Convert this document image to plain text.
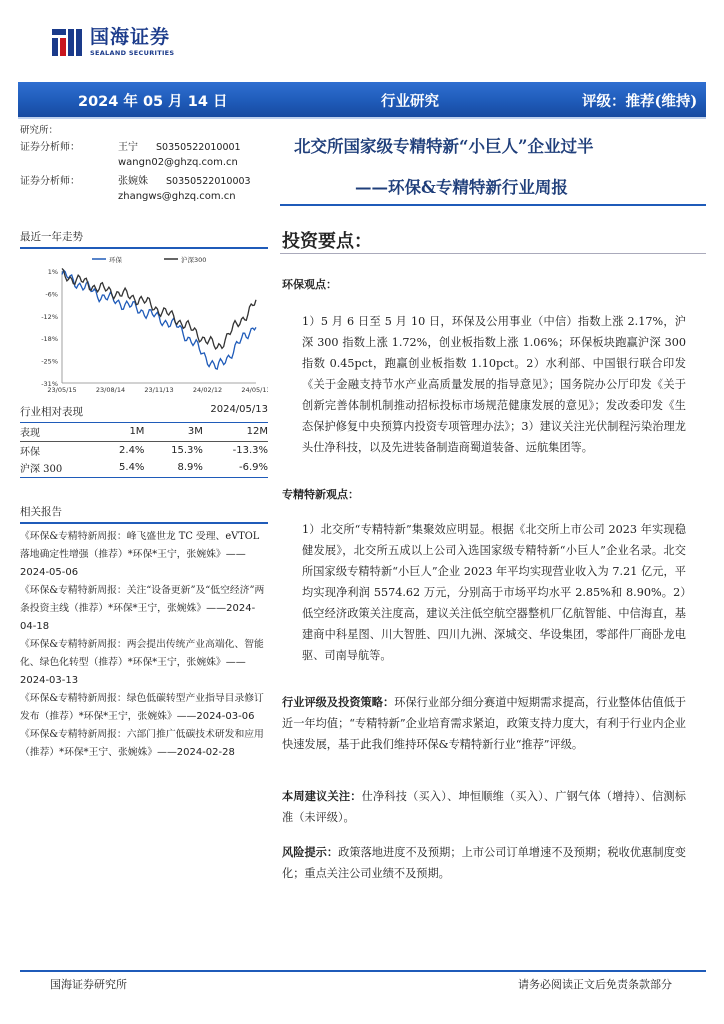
国海证券
SEALAND SECURITIES
2024 年 05 月 14 日	行业研究	评级：推荐(维持)
研究所：
证券分析师：	王宁	S0350522010001
wangn02@ghzq.com.cn
证券分析师：	张婉姝	S0350522010003
zhangws@ghzq.com.cn
最近一年走势
1%
-6%
-12%
-18%
-25%
-31%
23/05/15	23/08/14	23/11/13	24/02/12	24/05/13
环保	沪深300
行业相对表现	2024/05/13
表现	1M	3M	12M
环保	2.4%	15.3%	-13.3%
沪深 300	5.4%	8.9%	-6.9%
相关报告
《环保&专精特新周报：峰飞盛世龙 TC 受理、eVTOL 落地确定性增强（推荐）*环保*王宁，张婉姝》——2024-05-06
《环保&专精特新周报：关注“设备更新”及“低空经济”两条投资主线（推荐）*环保*王宁，张婉姝》——2024-04-18
《环保&专精特新周报：两会提出传统产业高端化、智能化、绿色化转型（推荐）*环保*王宁，张婉姝》——2024-03-13
《环保&专精特新周报：绿色低碳转型产业指导目录修订发布（推荐）*环保*王宁，张婉姝》——2024-03-06
《环保&专精特新周报：六部门推广低碳技术研发和应用（推荐）*环保*王宁、张婉姝》——2024-02-28
北交所国家级专精特新“小巨人”企业过半
——环保&专精特新行业周报
投资要点：
环保观点：
1）5 月 6 日至 5 月 10 日，环保及公用事业（中信）指数上涨 2.17%，沪深 300 指数上涨 1.72%，创业板指数上涨 1.06%；环保板块跑赢沪深 300 指数 0.45pct，跑赢创业板指数 1.10pct。2）水利部、中国银行联合印发《关于金融支持节水产业高质量发展的指导意见》；国务院办公厅印发《关于创新完善体制机制推动招标投标市场规范健康发展的意见》；发改委印发《生态保护修复中央预算内投资专项管理办法》；3）建议关注光伏制程污染治理龙头仕净科技，以及先进装备制造商蜀道装备、远航集团等。
专精特新观点：
1）北交所“专精特新”集聚效应明显。根据《北交所上市公司 2023 年实现稳健发展》，北交所五成以上公司入选国家级专精特新“小巨人”企业名录。北交所国家级专精特新“小巨人”企业 2023 年平均实现营业收入为 7.21 亿元，平均实现净利润 5574.62 万元，分别高于市场平均水平 2.85%和 8.90%。2）低空经济政策关注度高，建议关注低空航空器整机厂亿航智能、中信海直，基建商中科星图、川大智胜、四川九洲、深城交、华设集团，零部件厂商卧龙电驱、司南导航等。
行业评级及投资策略：环保行业部分细分赛道中短期需求提高，行业整体估值低于近一年均值；“专精特新”企业培育需求紧迫，政策支持力度大，有利于行业内企业快速发展，基于此我们维持环保&专精特新行业“推荐”评级。
本周建议关注：仕净科技（买入）、坤恒顺维（买入）、广钢气体（增持）、信测标准（未评级）。
风险提示：政策落地进度不及预期；上市公司订单增速不及预期；税收优惠制度变化；重点关注公司业绩不及预期。
国海证券研究所	请务必阅读正文后免责条款部分
